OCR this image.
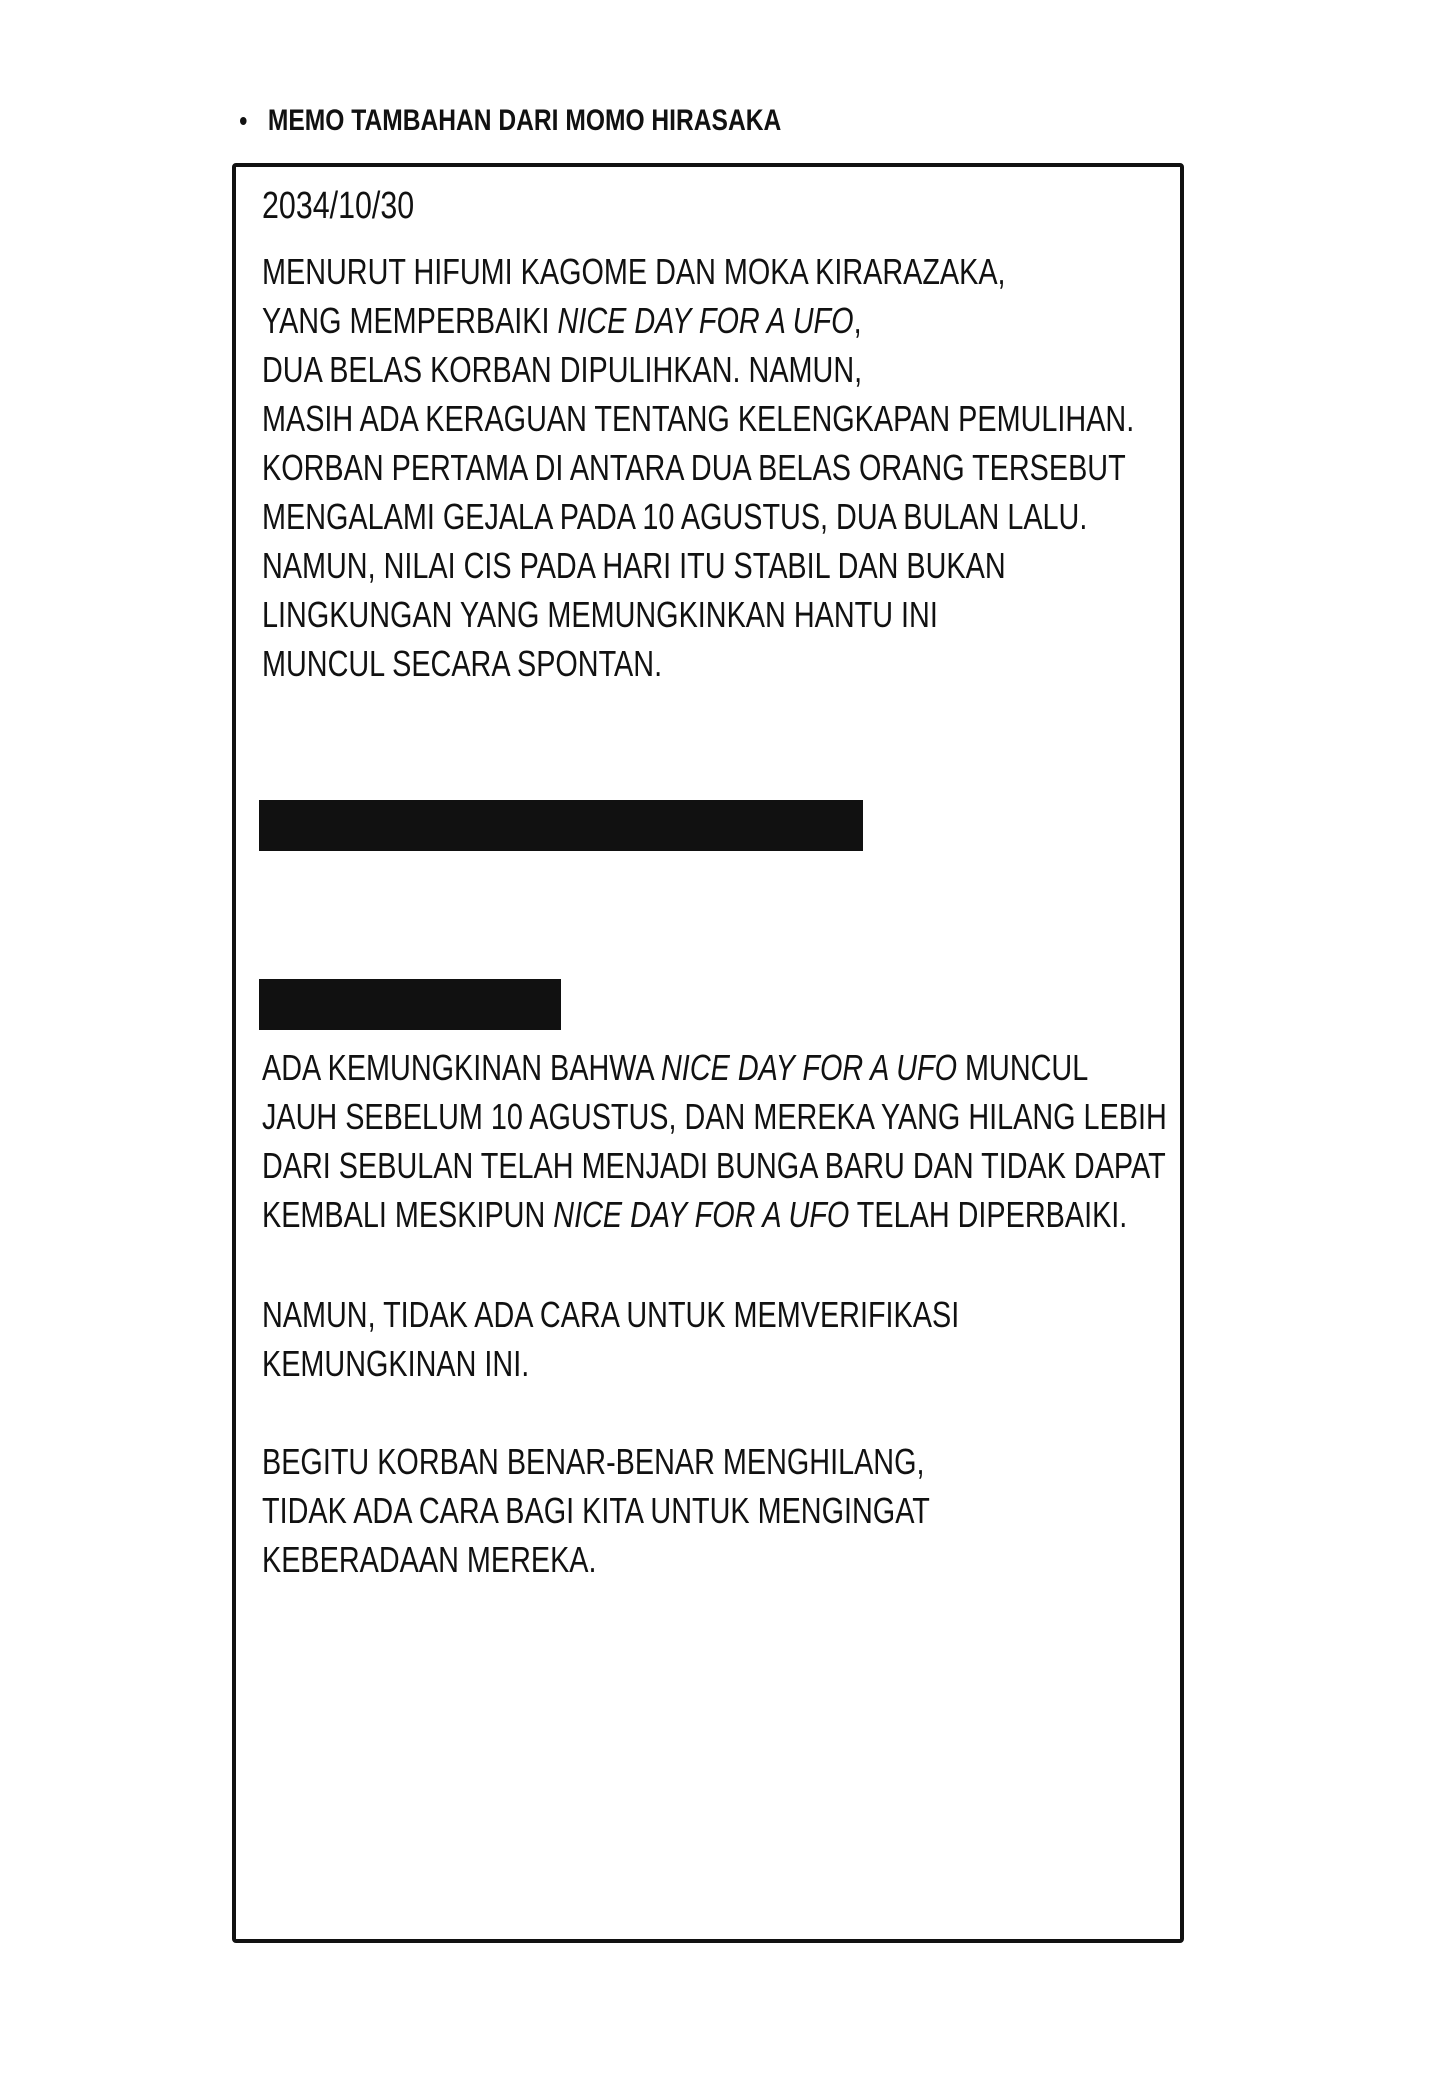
MEMO TAMBAHAN DARI MOMO HIRASAKA
2034/10/30
MENURUT HIFUMI KAGOME DAN MOKA KIRARAZAKA,
YANG MEMPERBAIKI NICE DAY FOR A UFO,
DUA BELAS KORBAN DIPULIHKAN. NAMUN,
MASIH ADA KERAGUAN TENTANG KELENGKAPAN PEMULIHAN.
KORBAN PERTAMA DI ANTARA DUA BELAS ORANG TERSEBUT
MENGALAMI GEJALA PADA 10 AGUSTUS, DUA BULAN LALU.
NAMUN, NILAI CIS PADA HARI ITU STABIL DAN BUKAN
LINGKUNGAN YANG MEMUNGKINKAN HANTU INI
MUNCUL SECARA SPONTAN.
ADA KEMUNGKINAN BAHWA NICE DAY FOR A UFO MUNCUL
JAUH SEBELUM 10 AGUSTUS, DAN MEREKA YANG HILANG LEBIH
DARI SEBULAN TELAH MENJADI BUNGA BARU DAN TIDAK DAPAT
KEMBALI MESKIPUN NICE DAY FOR A UFO TELAH DIPERBAIKI.
NAMUN, TIDAK ADA CARA UNTUK MEMVERIFIKASI
KEMUNGKINAN INI.
BEGITU KORBAN BENAR-BENAR MENGHILANG,
TIDAK ADA CARA BAGI KITA UNTUK MENGINGAT
KEBERADAAN MEREKA.
